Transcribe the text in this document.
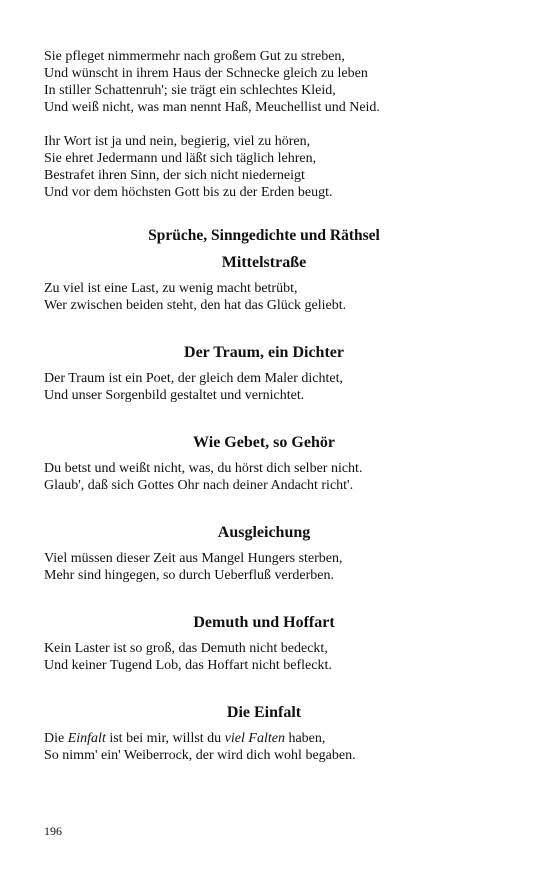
Sie pfleget nimmermehr nach großem Gut zu streben,
Und wünscht in ihrem Haus der Schnecke gleich zu leben
In stiller Schattenruh'; sie trägt ein schlechtes Kleid,
Und weiß nicht, was man nennt Haß, Meuchellist und Neid.
Ihr Wort ist ja und nein, begierig, viel zu hören,
Sie ehret Jedermann und läßt sich täglich lehren,
Bestrafet ihren Sinn, der sich nicht niederneigt
Und vor dem höchsten Gott bis zu der Erden beugt.
Sprüche, Sinngedichte und Räthsel
Mittelstraße
Zu viel ist eine Last, zu wenig macht betrübt,
Wer zwischen beiden steht, den hat das Glück geliebt.
Der Traum, ein Dichter
Der Traum ist ein Poet, der gleich dem Maler dichtet,
Und unser Sorgenbild gestaltet und vernichtet.
Wie Gebet, so Gehör
Du betst und weißt nicht, was, du hörst dich selber nicht.
Glaub', daß sich Gottes Ohr nach deiner Andacht richt'.
Ausgleichung
Viel müssen dieser Zeit aus Mangel Hungers sterben,
Mehr sind hingegen, so durch Ueberfluß verderben.
Demuth und Hoffart
Kein Laster ist so groß, das Demuth nicht bedeckt,
Und keiner Tugend Lob, das Hoffart nicht befleckt.
Die Einfalt
Die Einfalt ist bei mir, willst du viel Falten haben,
So nimm' ein' Weiberrock, der wird dich wohl begaben.
196
